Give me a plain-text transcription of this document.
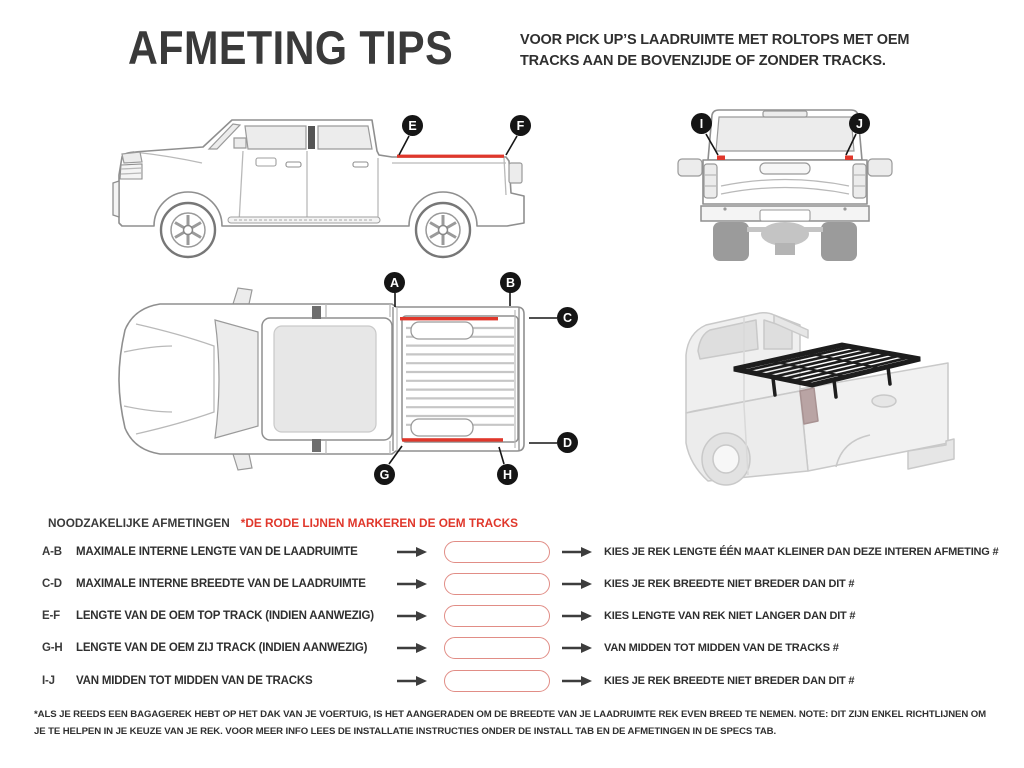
AFMETING TIPS	VOOR PICK UP’S LAADRUIMTE MET ROLTOPS MET OEM
TRACKS AAN DE BOVENZIJDE OF ZONDER TRACKS.
A	B
C
D
E	F
G	H
I	J
NOODZAKELIJKE AFMETINGEN *DE RODE LIJNEN MARKEREN DE OEM TRACKS
A-B MAXIMALE INTERNE LENGTE VAN DE LAADRUIMTE	KIES JE REK LENGTE ÉÉN MAAT KLEINER DAN DEZE INTEREN AFMETING #
C-D MAXIMALE INTERNE BREEDTE VAN DE LAADRUIMTE	KIES JE REK BREEDTE NIET BREDER DAN DIT #
E-F LENGTE VAN DE OEM TOP TRACK (INDIEN AANWEZIG)	KIES LENGTE VAN REK NIET LANGER DAN DIT #
G-H LENGTE VAN DE OEM ZIJ TRACK (INDIEN AANWEZIG)	VAN MIDDEN TOT MIDDEN VAN DE TRACKS #
I-J VAN MIDDEN TOT MIDDEN VAN DE TRACKS	KIES JE REK BREEDTE NIET BREDER DAN DIT #
*ALS JE REEDS EEN BAGAGEREK HEBT OP HET DAK VAN JE VOERTUIG, IS HET AANGERADEN OM DE BREEDTE VAN JE LAADRUIMTE REK EVEN BREED TE NEMEN. NOTE: DIT ZIJN ENKEL RICHTLIJNEN OM
JE TE HELPEN IN JE KEUZE VAN JE REK. VOOR MEER INFO LEES DE INSTALLATIE INSTRUCTIES ONDER DE INSTALL TAB EN DE AFMETINGEN IN DE SPECS TAB.
